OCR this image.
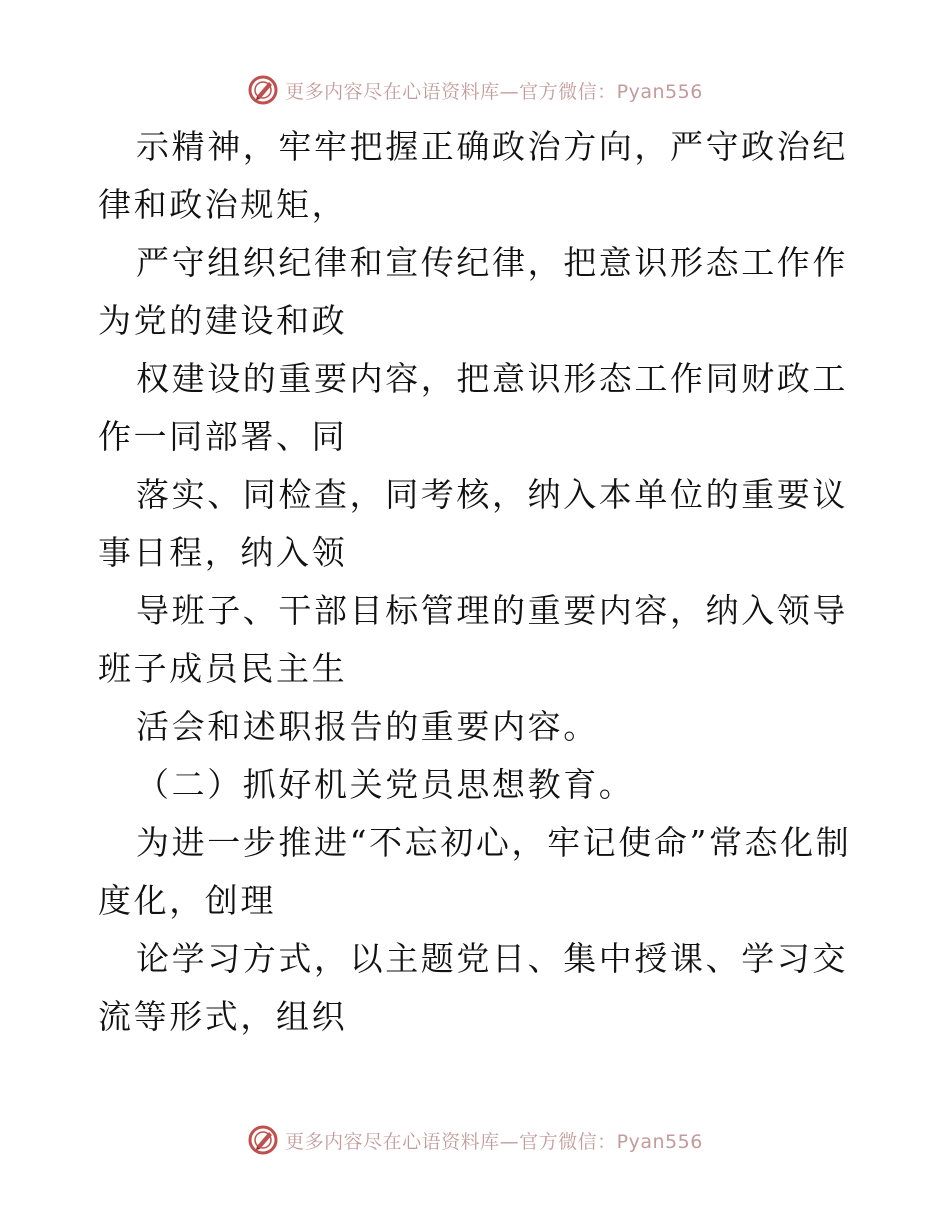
更多内容尽在心语资料库—官方微信：Pyan556

示精神，牢牢把握正确政治方向，严守政治纪律和政治规矩，

严守组织纪律和宣传纪律，把意识形态工作作为党的建设和政

权建设的重要内容，把意识形态工作同财政工作一同部署、同

落实、同检查，同考核，纳入本单位的重要议事日程，纳入领

导班子、干部目标管理的重要内容，纳入领导班子成员民主生

活会和述职报告的重要内容。

（二）抓好机关党员思想教育。

为进一步推进“不忘初心，牢记使命”常态化制度化，创理

论学习方式，以主题党日、集中授课、学习交流等形式，组织

更多内容尽在心语资料库—官方微信：Pyan556
